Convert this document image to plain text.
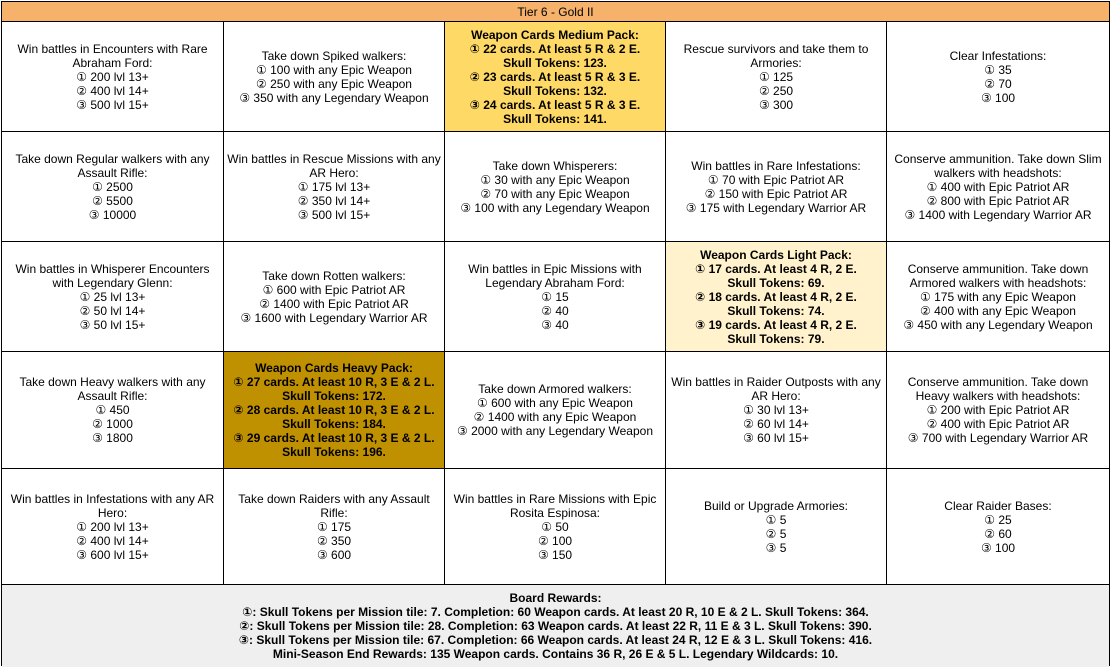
Tier 6 - Gold II
Win battles in Encounters with Rare
Abraham Ford:
① 200 lvl 13+
② 400 lvl 14+
③ 500 lvl 15+
Take down Spiked walkers:
① 100 with any Epic Weapon
② 250 with any Epic Weapon
③ 350 with any Legendary Weapon
Weapon Cards Medium Pack:
① 22 cards. At least 5 R & 2 E.
Skull Tokens: 123.
② 23 cards. At least 5 R & 3 E.
Skull Tokens: 132.
③ 24 cards. At least 5 R & 3 E.
Skull Tokens: 141.
Rescue survivors and take them to
Armories:
① 125
② 250
③ 300
Clear Infestations:
① 35
② 70
③ 100
Take down Regular walkers with any
Assault Rifle:
① 2500
② 5500
③ 10000
Win battles in Rescue Missions with any
AR Hero:
① 175 lvl 13+
② 350 lvl 14+
③ 500 lvl 15+
Take down Whisperers:
① 30 with any Epic Weapon
② 70 with any Epic Weapon
③ 100 with any Legendary Weapon
Win battles in Rare Infestations:
① 70 with Epic Patriot AR
② 150 with Epic Patriot AR
③ 175 with Legendary Warrior AR
Conserve ammunition. Take down Slim
walkers with headshots:
① 400 with Epic Patriot AR
② 800 with Epic Patriot AR
③ 1400 with Legendary Warrior AR
Win battles in Whisperer Encounters
with Legendary Glenn:
① 25 lvl 13+
② 50 lvl 14+
③ 50 lvl 15+
Take down Rotten walkers:
① 600 with Epic Patriot AR
② 1400 with Epic Patriot AR
③ 1600 with Legendary Warrior AR
Win battles in Epic Missions with
Legendary Abraham Ford:
① 15
② 40
③ 40
Weapon Cards Light Pack:
① 17 cards. At least 4 R, 2 E.
Skull Tokens: 69.
② 18 cards. At least 4 R, 2 E.
Skull Tokens: 74.
③ 19 cards. At least 4 R, 2 E.
Skull Tokens: 79.
Conserve ammunition. Take down
Armored walkers with headshots:
① 175 with any Epic Weapon
② 400 with any Epic Weapon
③ 450 with any Legendary Weapon
Take down Heavy walkers with any
Assault Rifle:
① 450
② 1000
③ 1800
Weapon Cards Heavy Pack:
① 27 cards. At least 10 R, 3 E & 2 L.
Skull Tokens: 172.
② 28 cards. At least 10 R, 3 E & 2 L.
Skull Tokens: 184.
③ 29 cards. At least 10 R, 3 E & 2 L.
Skull Tokens: 196.
Take down Armored walkers:
① 600 with any Epic Weapon
② 1400 with any Epic Weapon
③ 2000 with any Legendary Weapon
Win battles in Raider Outposts with any
AR Hero:
① 30 lvl 13+
② 60 lvl 14+
③ 60 lvl 15+
Conserve ammunition. Take down
Heavy walkers with headshots:
① 200 with Epic Patriot AR
② 400 with Epic Patriot AR
③ 700 with Legendary Warrior AR
Win battles in Infestations with any AR
Hero:
① 200 lvl 13+
② 400 lvl 14+
③ 600 lvl 15+
Take down Raiders with any Assault
Rifle:
① 175
② 350
③ 600
Win battles in Rare Missions with Epic
Rosita Espinosa:
① 50
② 100
③ 150
Build or Upgrade Armories:
① 5
② 5
③ 5
Clear Raider Bases:
① 25
② 60
③ 100
Board Rewards:
①: Skull Tokens per Mission tile: 7. Completion: 60 Weapon cards. At least 20 R, 10 E & 2 L. Skull Tokens: 364.
②: Skull Tokens per Mission tile: 28. Completion: 63 Weapon cards. At least 22 R, 11 E & 3 L. Skull Tokens: 390.
③: Skull Tokens per Mission tile: 67. Completion: 66 Weapon cards. At least 24 R, 12 E & 3 L. Skull Tokens: 416.
Mini-Season End Rewards: 135 Weapon cards. Contains 36 R, 26 E & 5 L. Legendary Wildcards: 10.
